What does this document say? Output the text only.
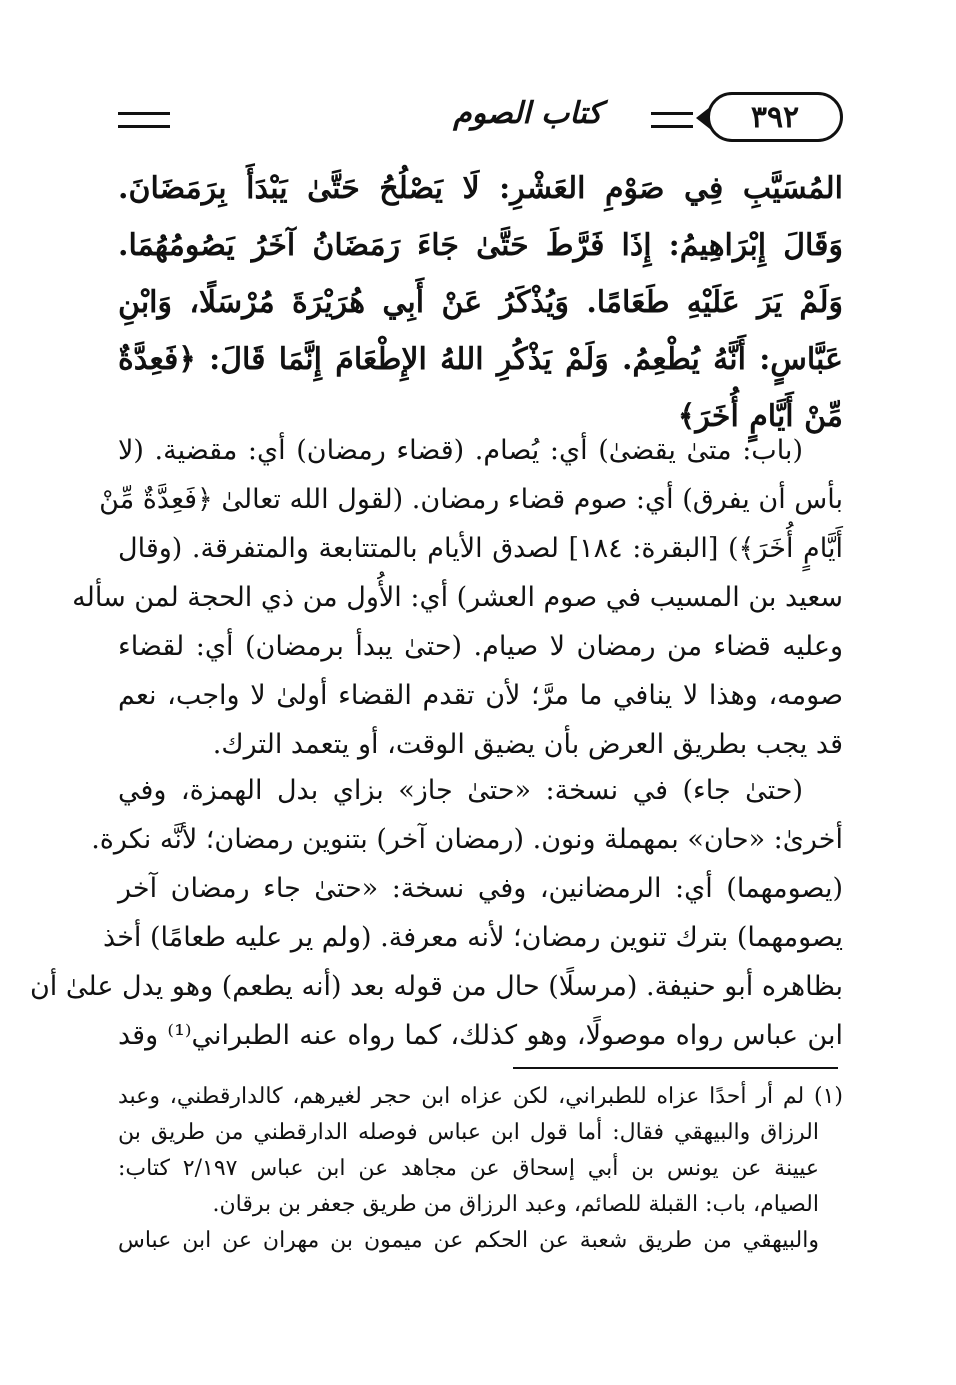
٣٩٢
كتاب الصوم

المُسَيَّبِ فِي صَوْمِ العَشْرِ: لَا يَصْلُحُ حَتَّىٰ يَبْدَأَ بِرَمَضَانَ.

وَقَالَ إِبْرَاهِيمُ: إِذَا فَرَّطَ حَتَّىٰ جَاءَ رَمَضَانُ آخَرُ يَصُومُهُمَا.

وَلَمْ يَرَ عَلَيْهِ طَعَامًا. وَيُذْكَرُ عَنْ أَبِي هُرَيْرَةَ مُرْسَلًا، وَابْنِ

عَبَّاسٍ: أَنَّهُ يُطْعِمُ. وَلَمْ يَذْكُرِ اللهُ الإِطْعَامَ إِنَّمَا قَالَ: ﴿فَعِدَّةٌ

مِّنْ أَيَّامٍ أُخَرَ﴾

(باب: متىٰ يقضىٰ) أي: يُصام. (قضاء رمضان) أي: مقضية. (لا

بأس أن يفرق) أي: صوم قضاء رمضان. (لقول الله تعالىٰ ﴿فَعِدَّةٌ مِّنْ

أَيَّامٍ أُخَرَ﴾) [البقرة: ١٨٤] لصدق الأيام بالمتتابعة والمتفرقة. (وقال

سعيد بن المسيب في صوم العشر) أي: الأُول من ذي الحجة لمن سأله

وعليه قضاء من رمضان لا صيام. (حتىٰ يبدأ برمضان) أي: لقضاء

صومه، وهذا لا ينافي ما مرَّ؛ لأن تقدم القضاء أولىٰ لا واجب، نعم

قد يجب بطريق العرض بأن يضيق الوقت، أو يتعمد الترك.

(حتىٰ جاء) في نسخة: «حتىٰ جاز» بزاي بدل الهمزة، وفي

أخرىٰ: «حان» بمهملة ونون. (رمضان آخر) بتنوين رمضان؛ لأنَّه نكرة.

(يصومهما) أي: الرمضانين، وفي نسخة: «حتىٰ جاء رمضان آخر

يصومهما) بترك تنوين رمضان؛ لأنه معرفة. (ولم ير عليه طعامًا) أخذ

بظاهره أبو حنيفة. (مرسلًا) حال من قوله بعد (أنه يطعم) وهو يدل علىٰ أن

ابن عباس رواه موصولًا، وهو كذلك، كما رواه عنه الطبراني⁽¹⁾ وقد

(١) لم أر أحدًا عزاه للطبراني، لكن عزاه ابن حجر لغيرهم، كالدارقطني، وعبد

الرزاق والبيهقي فقال: أما قول ابن عباس فوصله الدارقطني من طريق بن

عيينة عن يونس بن أبي إسحاق عن مجاهد عن ابن عباس ٢/١٩٧ كتاب:

الصيام، باب: القبلة للصائم، وعبد الرزاق من طريق جعفر بن برقان.

والبيهقي من طريق شعبة عن الحكم عن ميمون بن مهران عن ابن عباس
